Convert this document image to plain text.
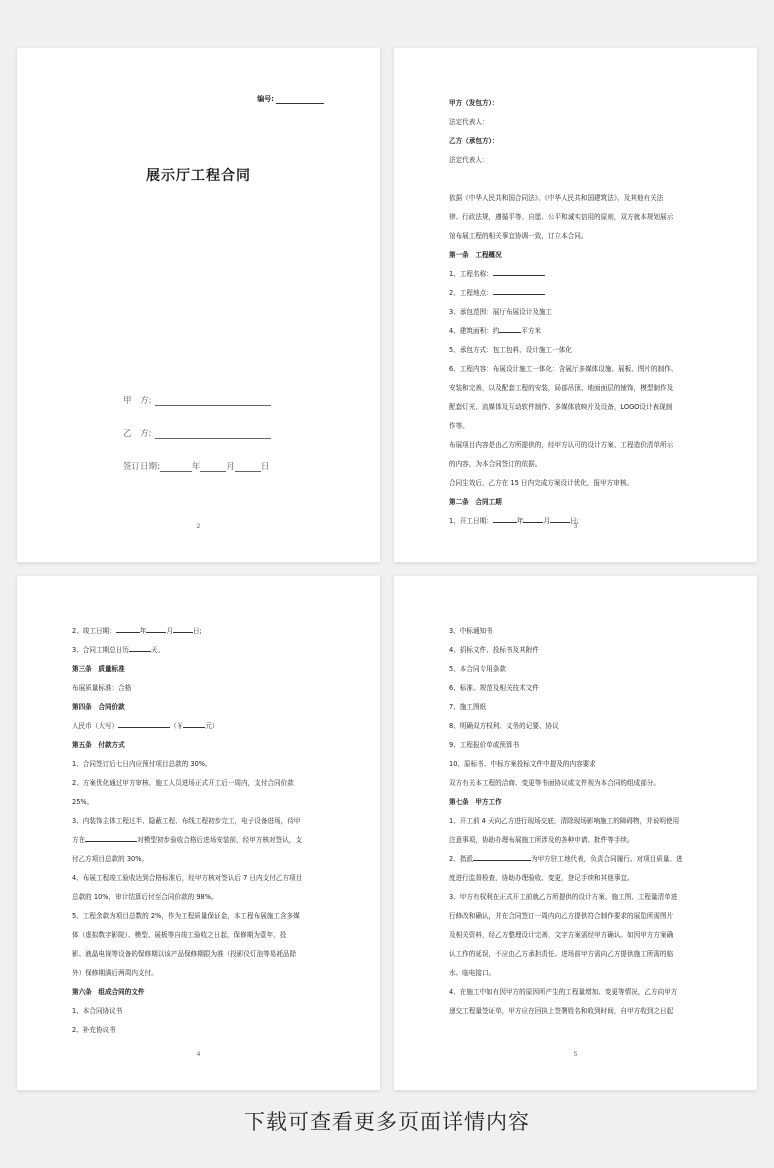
编号:
展示厅工程合同
甲　方:
乙　方:
签订日期:	年	月	日
2

甲方（发包方）：

法定代表人：

乙方（承包方）：

法定代表人：

依据《中华人民共和国合同法》、《中华人民共和国建筑法》、及其他有关法

律、行政法规，遵循平等、自愿、公平和诚实信用的原则，双方就本规划展示

馆布展工程的相关事宜协调一致，订立本合同。

第一条　工程概况

1、工程名称：

2、工程地点：

3、承包范围：展厅布展设计及施工

4、建筑面积：约	平方米

5、承包方式：包工包料、设计施工一体化

6、工程内容：布展设计施工一体化：含展厅多媒体设施、展板、图片的制作、

安装和完善，以及配套工程的安装，局部吊顶、地面面层的铺饰，模型制作及

配套灯光、流媒体及互动软件制作、多媒体放映片及设备，LOGO设计表现制

作等。

布展项目内容是由乙方所提供的，经甲方认可的设计方案、工程造价清单所示

的内容，为本合同签订的依据。

合同生效后，乙方在 15 日内完成方案设计优化，报甲方审核。

第二条　合同工期

1、开工日期：	年	月	日;

3

2、竣工日期：	年	月	日;

3、合同工期总日历	天。

第三条　质量标准

布展质量标准：合格

第四条　合同价款

人民币（大写）	（￥	元）

第五条　付款方式

1、合同签订后七日内应预付项目总款的 30%。

2、方案优化通过甲方审核、施工人员进场正式开工后一周内，支付合同价款

25%。

3、内装饰主体工程过半、隐蔽工程、布线工程初步完工，电子设备进场，待甲

方在	对模型初步验收合格后进场安装前，经甲方核对签认，支

付乙方项目总款的 30%。

4、布展工程竣工验收达到合格标准后，经甲方核对签认后 7 日内支付乙方项目

总款的 10%，审计结算后付至合同价款的 98%。

5、工程余款为项目总数的 2%，作为工程质量保证金，本工程布展施工含多媒

体（虚拟数字影院）、模型、展板等自竣工验收之日起，保修期为壹年，投

影、液晶电视等设备的保修期以该产品保修期限为准（投影仪灯泡等易耗品除

外）保修期满后两周内支付。

第六条　组成合同的文件

1、本合同协议书

2、补充协议书

4

3、中标通知书

4、招标文件、投标书及其附件

5、本合同专用条款

6、标准、规范及相关技术文件

7、施工图纸

8、明确双方权利、义务的记要、协议

9、工程报价单或预算书

10、原标书、中标方案投标文件中提及的内容要求

双方有关本工程的洽商、变更等书面协议或文件视为本合同的组成部分。

第七条　甲方工作

1、开工前 4 天向乙方进行现场交底，清除现场影响施工的障碍物，并说明使用

注意事项，协助办理布展施工所涉及的各种申请、批件等手续。

2、指派	为甲方驻工地代表，负责合同履行。对项目质量、进

度进行监督检查，协助办理验收、变更，登记手续和其他事宜。

3、甲方有权利在正式开工前就乙方所提供的设计方案、施工图、工程量清单进

行修改和确认，并在合同签订一周内向乙方提供符合制作要求的展览所需图片

及相关资料，经乙方整理设计完善，文字方案需经甲方确认。如因甲方方案确

认工作的延误，不应由乙方承担责任。进场前甲方需向乙方提供施工所需的临

水、临电接口。

4、在施工中如有因甲方的原因所产生的工程量增加、变更等情况，乙方向甲方

递交工程量签证单，甲方应在回执上签署姓名和收到时间，自甲方收到之日起

5
下载可查看更多页面详情内容
